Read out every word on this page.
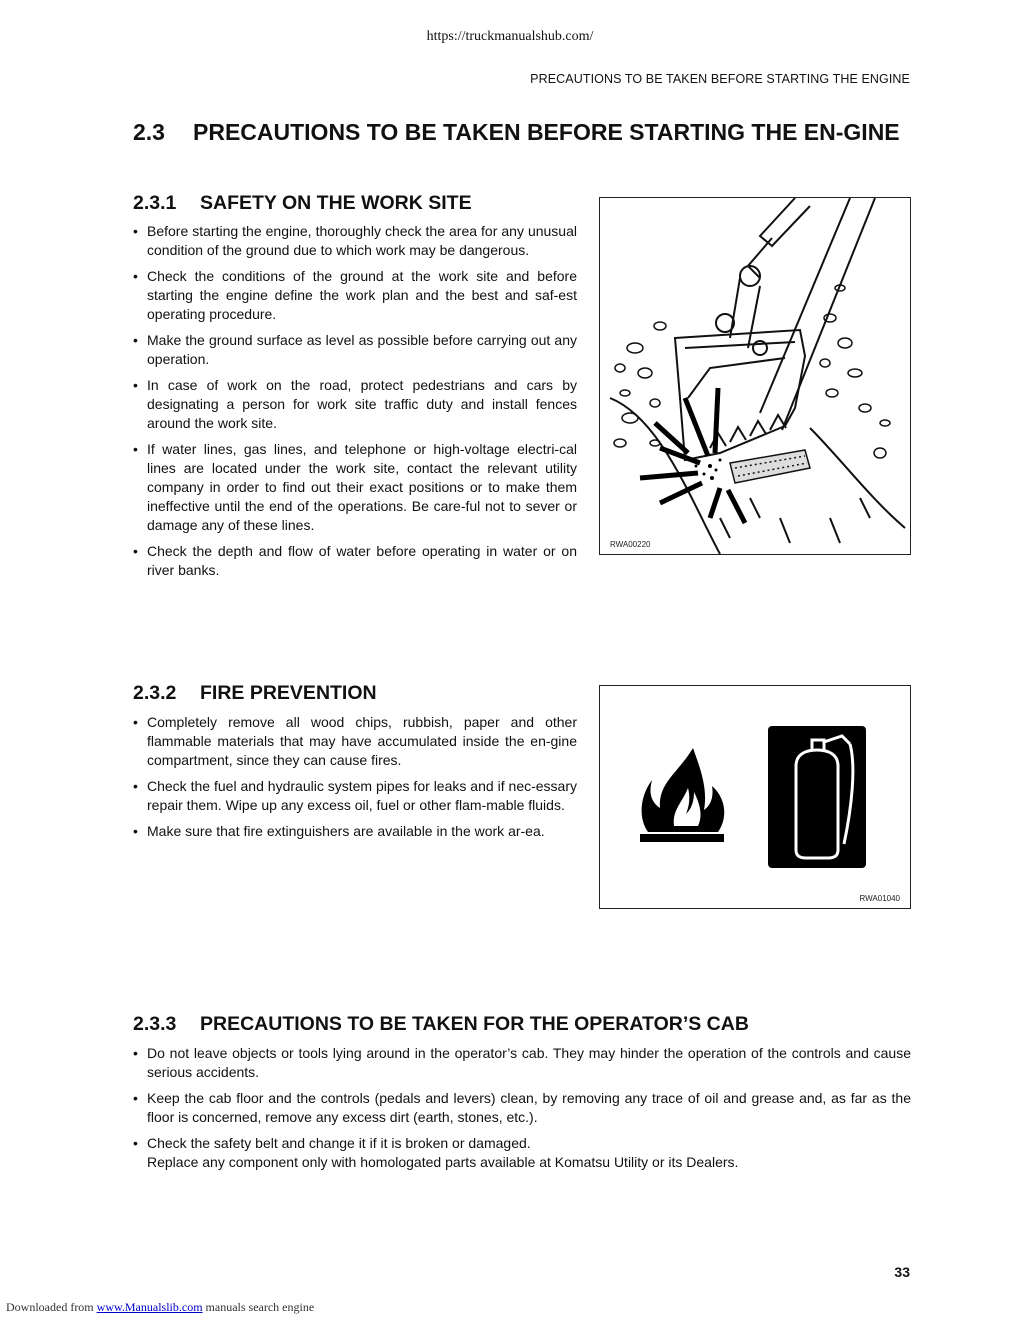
https://truckmanualshub.com/
PRECAUTIONS TO BE TAKEN BEFORE STARTING THE ENGINE
2.3 PRECAUTIONS TO BE TAKEN BEFORE STARTING THE EN-GINE
2.3.1 SAFETY ON THE WORK SITE
• Before starting the engine, thoroughly check the area for any unusual condition of the ground due to which work may be dangerous.
• Check the conditions of the ground at the work site and before starting the engine define the work plan and the best and saf-est operating procedure.
• Make the ground surface as level as possible before carrying out any operation.
• In case of work on the road, protect pedestrians and cars by designating a person for work site traffic duty and install fences around the work site.
• If water lines, gas lines, and telephone or high-voltage electri-cal lines are located under the work site, contact the relevant utility company in order to find out their exact positions or to make them ineffective until the end of the operations. Be care-ful not to sever or damage any of these lines.
• Check the depth and flow of water before operating in water or on river banks.
RWA00220
2.3.2 FIRE PREVENTION
• Completely remove all wood chips, rubbish, paper and other flammable materials that may have accumulated inside the en-gine compartment, since they can cause fires.
• Check the fuel and hydraulic system pipes for leaks and if nec-essary repair them. Wipe up any excess oil, fuel or other flam-mable fluids.
• Make sure that fire extinguishers are available in the work ar-ea.
RWA01040
2.3.3 PRECAUTIONS TO BE TAKEN FOR THE OPERATOR’S CAB
• Do not leave objects or tools lying around in the operator’s cab. They may hinder the operation of the controls and cause serious accidents.
• Keep the cab floor and the controls (pedals and levers) clean, by removing any trace of oil and grease and, as far as the floor is concerned, remove any excess dirt (earth, stones, etc.).
• Check the safety belt and change it if it is broken or damaged.
Replace any component only with homologated parts available at Komatsu Utility or its Dealers.
33
Downloaded from www.Manualslib.com manuals search engine
